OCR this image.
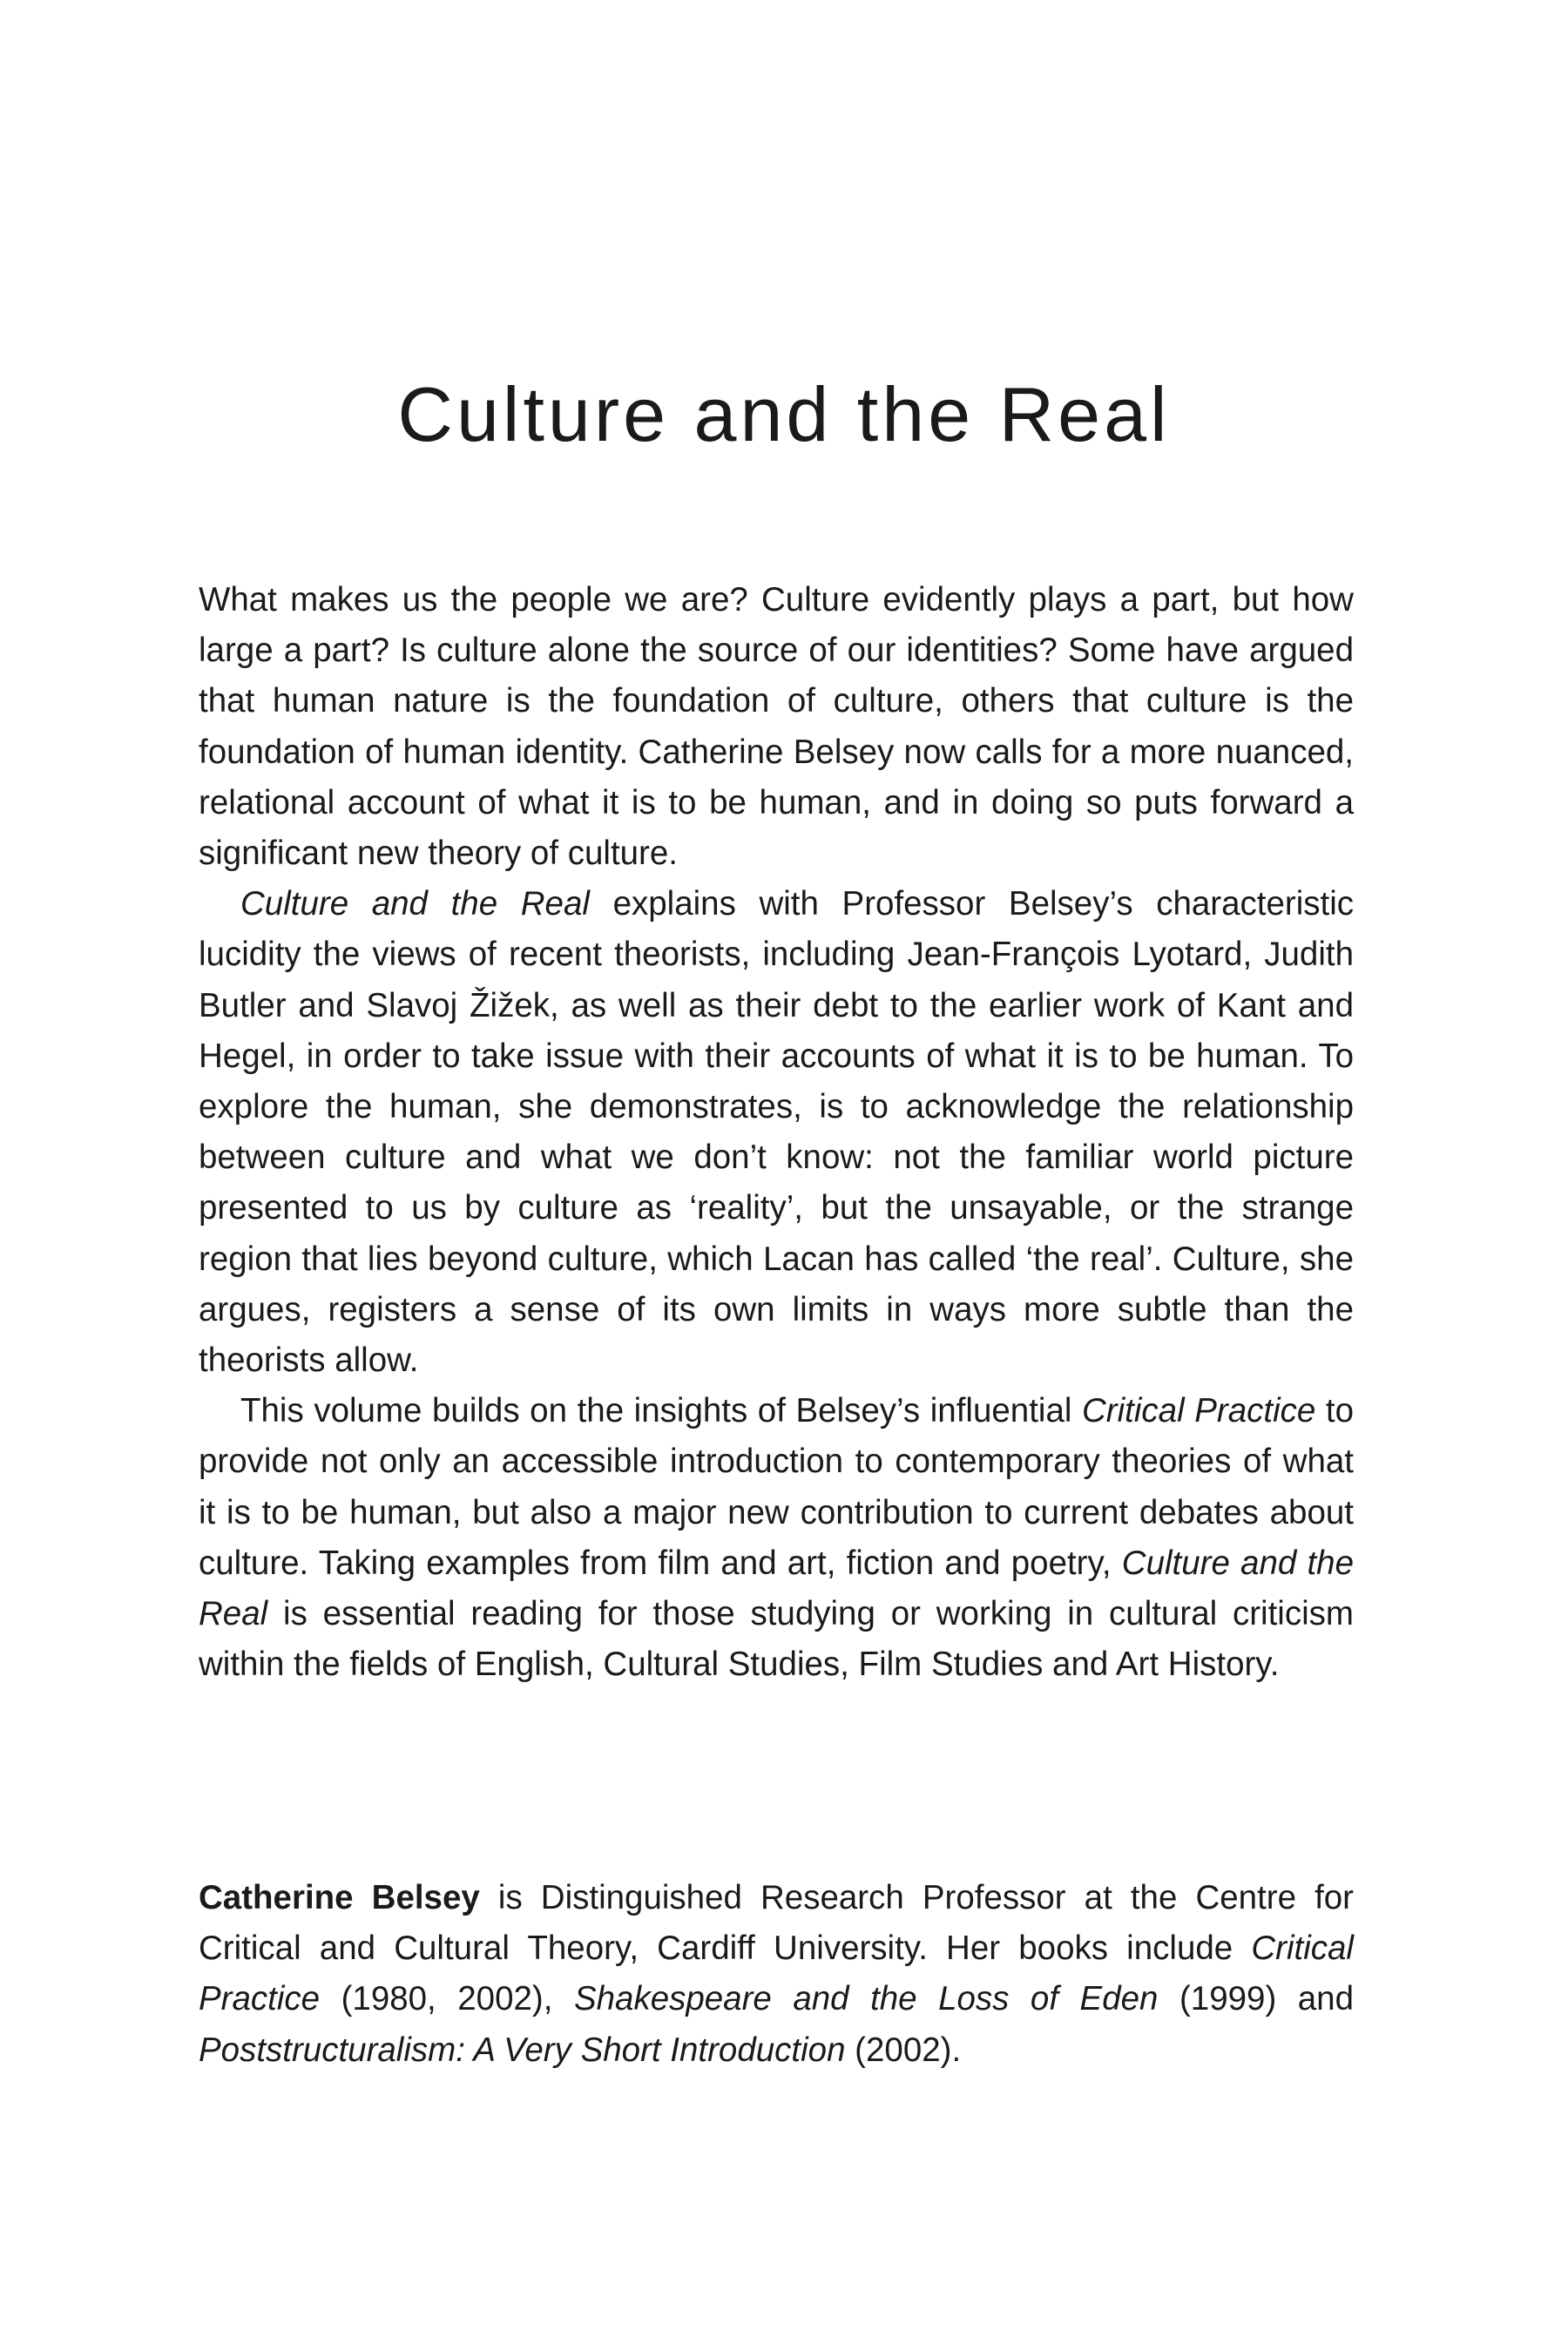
Culture and the Real

What makes us the people we are? Culture evidently plays a part, but how large a part? Is culture alone the source of our identities? Some have argued that human nature is the foundation of culture, others that culture is the foundation of human identity. Catherine Belsey now calls for a more nuanced, relational account of what it is to be human, and in doing so puts forward a significant new theory of culture.

Culture and the Real explains with Professor Belsey’s characteristic lucidity the views of recent theorists, including Jean-François Lyotard, Judith Butler and Slavoj Žižek, as well as their debt to the earlier work of Kant and Hegel, in order to take issue with their accounts of what it is to be human. To explore the human, she demonstrates, is to acknowledge the relationship between culture and what we don’t know: not the familiar world picture presented to us by culture as ‘reality’, but the unsayable, or the strange region that lies beyond culture, which Lacan has called ‘the real’. Culture, she argues, registers a sense of its own limits in ways more subtle than the theorists allow.

This volume builds on the insights of Belsey’s influential Critical Practice to provide not only an accessible introduction to contemporary theories of what it is to be human, but also a major new contribution to current debates about culture. Taking examples from film and art, fiction and poetry, Culture and the Real is essential reading for those studying or working in cultural criticism within the fields of English, Cultural Studies, Film Studies and Art History.

Catherine Belsey is Distinguished Research Professor at the Centre for Critical and Cultural Theory, Cardiff University. Her books include Critical Practice (1980, 2002), Shakespeare and the Loss of Eden (1999) and Poststructuralism: A Very Short Introduction (2002).
